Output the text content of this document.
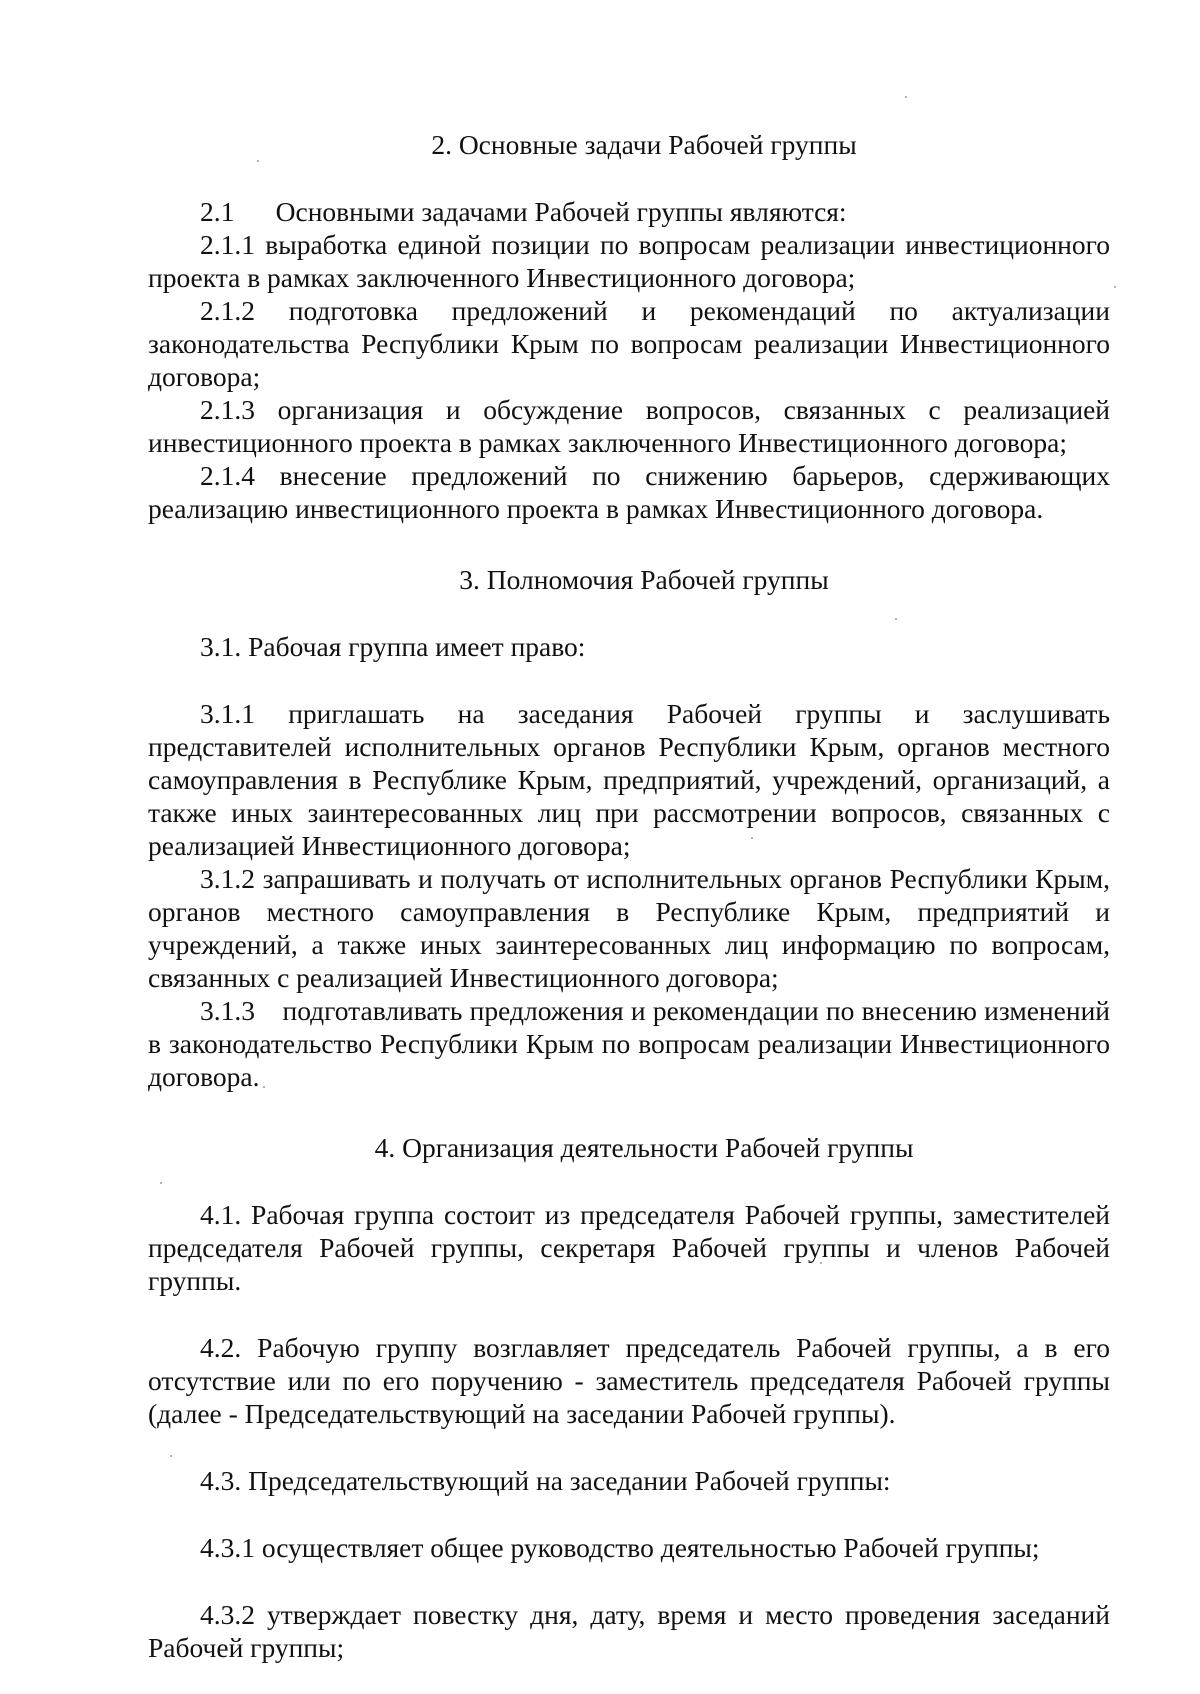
2. Основные задачи Рабочей группы

2.1  Основными задачами Рабочей группы являются:

2.1.1 выработка единой позиции по вопросам реализации инвестиционного проекта в рамках заключенного Инвестиционного договора;

2.1.2 подготовка предложений и рекомендаций по актуализации законодательства Республики Крым по вопросам реализации Инвестиционного договора;

2.1.3 организация и обсуждение вопросов, связанных с реализацией инвестиционного проекта в рамках заключенного Инвестиционного договора;

2.1.4 внесение предложений по снижению барьеров, сдерживающих реализацию инвестиционного проекта в рамках Инвестиционного договора.

3. Полномочия Рабочей группы

3.1. Рабочая группа имеет право:

3.1.1 приглашать на заседания Рабочей группы и заслушивать представителей исполнительных органов Республики Крым, органов местного самоуправления в Республике Крым, предприятий, учреждений, организаций, а также иных заинтересованных лиц при рассмотрении вопросов, связанных с реализацией Инвестиционного договора;

3.1.2 запрашивать и получать от исполнительных органов Республики Крым, органов местного самоуправления в Республике Крым, предприятий и учреждений, а также иных заинтересованных лиц информацию по вопросам, связанных с реализацией Инвестиционного договора;

3.1.3 подготавливать предложения и рекомендации по внесению изменений в законодательство Республики Крым по вопросам реализации Инвестиционного договора.

4. Организация деятельности Рабочей группы

4.1. Рабочая группа состоит из председателя Рабочей группы, заместителей председателя Рабочей группы, секретаря Рабочей группы и членов Рабочей группы.

4.2. Рабочую группу возглавляет председатель Рабочей группы, а в его отсутствие или по его поручению - заместитель председателя Рабочей группы (далее - Председательствующий на заседании Рабочей группы).

4.3. Председательствующий на заседании Рабочей группы:

4.3.1 осуществляет общее руководство деятельностью Рабочей группы;

4.3.2 утверждает повестку дня, дату, время и место проведения заседаний Рабочей группы;
